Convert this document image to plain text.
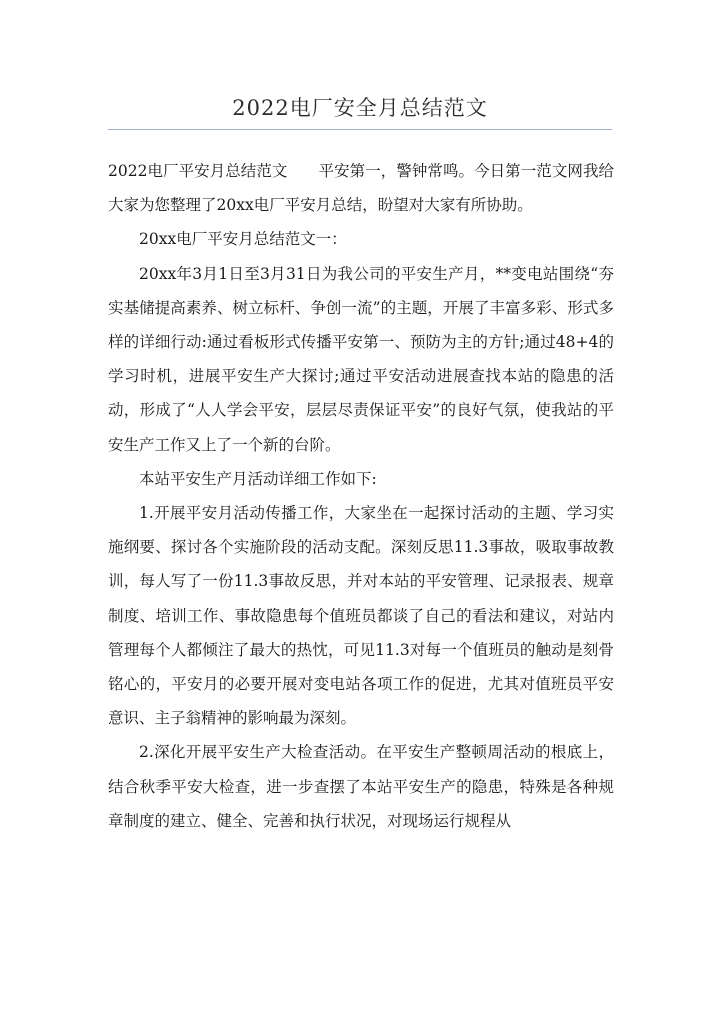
2022电厂安全月总结范文

2022电厂平安月总结范文　　平安第一，警钟常鸣。今日第一范文网我给大家为您整理了20xx电厂平安月总结，盼望对大家有所协助。

20xx电厂平安月总结范文一：

20xx年3月1日至3月31日为我公司的平安生产月，**变电站围绕“夯实基储提高素养、树立标杆、争创一流”的主题，开展了丰富多彩、形式多样的详细行动:通过看板形式传播平安第一、预防为主的方针;通过48+4的学习时机，进展平安生产大探讨;通过平安活动进展查找本站的隐患的活动，形成了“人人学会平安，层层尽责保证平安”的良好气氛，使我站的平安生产工作又上了一个新的台阶。

本站平安生产月活动详细工作如下:

1.开展平安月活动传播工作，大家坐在一起探讨活动的主题、学习实施纲要、探讨各个实施阶段的活动支配。深刻反思11.3事故，吸取事故教训，每人写了一份11.3事故反思，并对本站的平安管理、记录报表、规章制度、培训工作、事故隐患每个值班员都谈了自己的看法和建议，对站内管理每个人都倾注了最大的热忱，可见11.3对每一个值班员的触动是刻骨铭心的，平安月的必要开展对变电站各项工作的促进，尤其对值班员平安意识、主子翁精神的影响最为深刻。

2.深化开展平安生产大检查活动。在平安生产整顿周活动的根底上，结合秋季平安大检查，进一步查摆了本站平安生产的隐患，特殊是各种规章制度的建立、健全、完善和执行状况，对现场运行规程从
